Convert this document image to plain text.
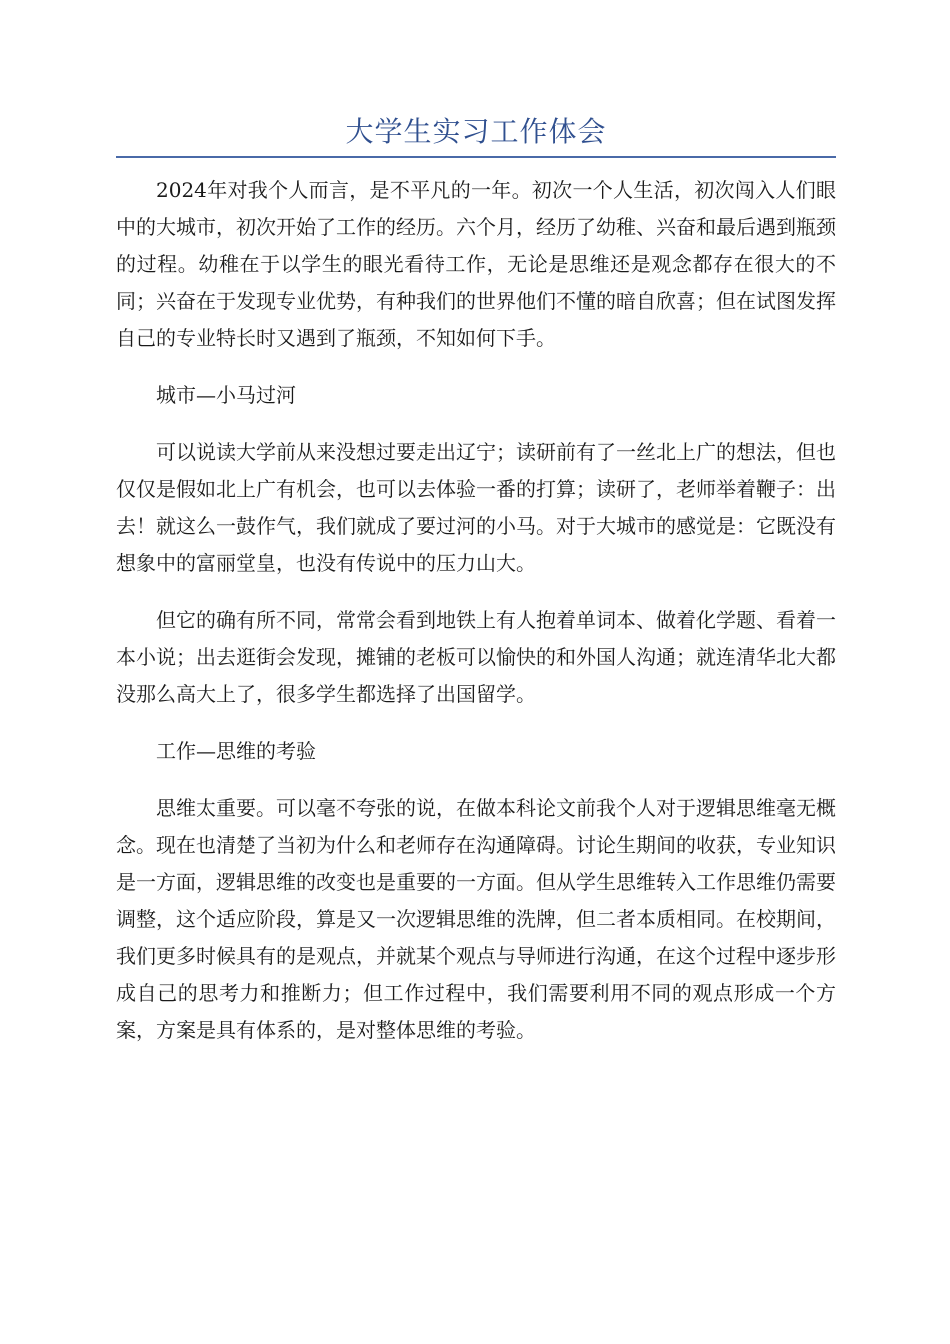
大学生实习工作体会

2024年对我个人而言，是不平凡的一年。初次一个人生活，初次闯入人们眼中的大城市，初次开始了工作的经历。六个月，经历了幼稚、兴奋和最后遇到瓶颈的过程。幼稚在于以学生的眼光看待工作，无论是思维还是观念都存在很大的不同；兴奋在于发现专业优势，有种我们的世界他们不懂的暗自欣喜；但在试图发挥自己的专业特长时又遇到了瓶颈，不知如何下手。

城市—小马过河

可以说读大学前从来没想过要走出辽宁；读研前有了一丝北上广的想法，但也仅仅是假如北上广有机会，也可以去体验一番的打算；读研了，老师举着鞭子：出去！就这么一鼓作气，我们就成了要过河的小马。对于大城市的感觉是：它既没有想象中的富丽堂皇，也没有传说中的压力山大。

但它的确有所不同，常常会看到地铁上有人抱着单词本、做着化学题、看着一本小说；出去逛街会发现，摊铺的老板可以愉快的和外国人沟通；就连清华北大都没那么高大上了，很多学生都选择了出国留学。

工作—思维的考验

思维太重要。可以毫不夸张的说，在做本科论文前我个人对于逻辑思维毫无概念。现在也清楚了当初为什么和老师存在沟通障碍。讨论生期间的收获，专业知识是一方面，逻辑思维的改变也是重要的一方面。但从学生思维转入工作思维仍需要调整，这个适应阶段，算是又一次逻辑思维的洗牌，但二者本质相同。在校期间，我们更多时候具有的是观点，并就某个观点与导师进行沟通，在这个过程中逐步形成自己的思考力和推断力；但工作过程中，我们需要利用不同的观点形成一个方案，方案是具有体系的，是对整体思维的考验。
